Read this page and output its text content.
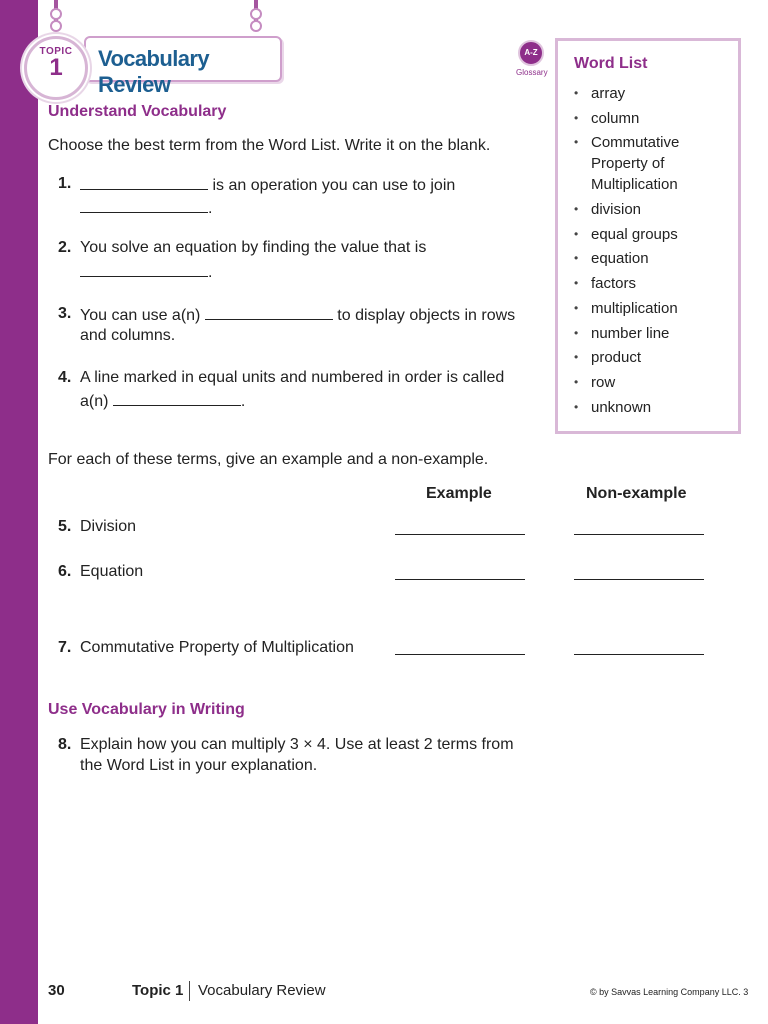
TOPIC
1	Vocabulary Review
A-Z
Glossary
Understand Vocabulary
Choose the best term from the Word List. Write it on the blank.
1.	is an operation you can use to join
.
2. You solve an equation by finding the value that is
.
3. You can use a(n)	to display objects in rows
and columns.
4. A line marked in equal units and numbered in order is called
a(n)	.
Word List
• array
• column
• Commutative Property of Multiplication
• division
• equal groups
• equation
• factors
• multiplication
• number line
• product
• row
• unknown
For each of these terms, give an example and a non-example.
Example	Non-example
5. Division
6. Equation
7. Commutative Property of Multiplication
Use Vocabulary in Writing
8. Explain how you can multiply 3 × 4. Use at least 2 terms from
the Word List in your explanation.
30	Topic 1 Vocabulary Review	© by Savvas Learning Company LLC. 3
